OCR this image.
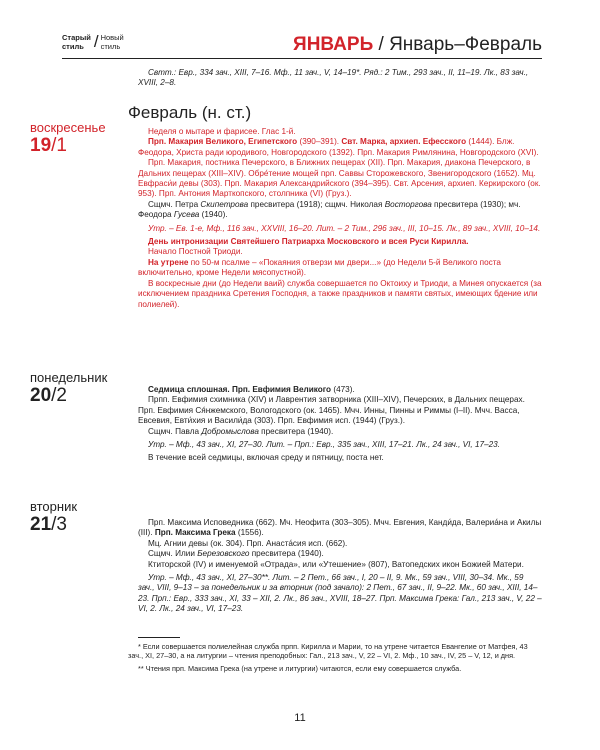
Старый
стиль / Новый
стиль	ЯНВАРЬ / Январь–Февраль

Свтт.: Евр., 334 зач., XIII, 7–16. Мф., 11 зач., V, 14–19*. Ряд.: 2 Тим., 293 зач., II, 11–19. Лк., 83 зач., XVIII, 2–8.

Февраль (н. ст.)
воскресенье
19/1

Неделя о мытаре и фарисее. Глас 1-й.

Прп. Макария Великого, Египетского (390–391). Свт. Марка, архиеп. Ефесского (1444). Блж. Феодора, Христа ради юродивого, Новгородского (1392). Прп. Макария Римлянина, Новгородского (XVI).

Прп. Макария, постника Печерского, в Ближних пещерах (XII). Прп. Макария, диакона Печерского, в Дальних пещерах (XIII–XIV). Обре́тение мощей прп. Саввы Сторожевского, Звенигородского (1652). Мц. Евфраси́и девы (303). Прп. Макария Александрийского (394–395). Свт. Арсения, архиеп. Керкирского (ок. 953). Прп. Антония Марткопского, столпника (VI) (Груз.).

Сщмч. Петра Скипетрова пресвитера (1918); сщмч. Николая Восторгова пресвитера (1930); мч. Феодора Гусева (1940).

Утр. – Ев. 1-е, Мф., 116 зач., XXVIII, 16–20. Лит. – 2 Тим., 296 зач., III, 10–15. Лк., 89 зач., XVIII, 10–14.

День интронизации Святейшего Патриарха Московского и всея Руси Кирилла.

Начало Постной Триоди.

На утрене по 50-м псалме – «Покаяния отверзи ми двери...» (до Недели 5-й Великого поста включительно, кроме Недели мясопустной).

В воскресные дни (до Недели ваий) служба совершается по Октоиху и Триоди, а Минея опускается (за исключением праздника Сретения Господня, а также праздников и памяти святых, имеющих бдение или полиелей).

понедельник
20/2	Седмица сплошная. Прп. Евфимия Великого (473).

Прпп. Евфимия схимника (XIV) и Лаврентия затворника (XIII–XIV), Печерских, в Дальних пещерах. Прп. Евфимия Ся́нжемского, Вологодского (ок. 1465). Мчч. Инны, Пинны и Риммы (I–II). Мчч. Васса, Евсевия, Евти́хия и Васили́да (303). Прп. Евфимия исп. (1944) (Груз.).

Сщмч. Павла Добромыслова пресвитера (1940).

Утр. – Мф., 43 зач., XI, 27–30. Лит. – Прп.: Евр., 335 зач., XIII, 17–21. Лк., 24 зач., VI, 17–23.

В течение всей седмицы, включая среду и пятницу, поста нет.

вторник
21/3	Прп. Максима Исповедника (662). Мч. Неофита (303–305). Мчч. Евгения, Канди́да, Валериа́на и Акилы (III). Прп. Максима Грека (1556).

Мц. Агнии девы (ок. 304). Прп. Анаста́сия исп. (662).

Сщмч. Илии Березовского пресвитера (1940).

Ктиторской (IV) и именуемой «Отрада», или «Утешение» (807), Ватопедских икон Божией Матери.

Утр. – Мф., 43 зач., XI, 27–30**. Лит. – 2 Пет., 66 зач., I, 20 – II, 9. Мк., 59 зач., VIII, 30–34. Мк., 59 зач., VIII, 9–13 – за понедельник и за вторник (под зачало): 2 Пет., 67 зач., II, 9–22. Мк., 60 зач., XIII, 14–23. Прп.: Евр., 333 зач., XI, 33 – XII, 2. Лк., 86 зач., XVIII, 18–27. Прп. Максима Грека: Гал., 213 зач., V, 22 – VI, 2. Лк., 24 зач., VI, 17–23.

* Если совершается полиелейная служба прпп. Кирилла и Марии, то на утрене читается Евангелие от Матфея, 43 зач., XI, 27–30, а на литургии – чтения преподобных: Гал., 213 зач., V, 22 – VI, 2. Мф., 10 зач., IV, 25 – V, 12, и дня.

** Чтения прп. Максима Грека (на утрене и литургии) читаются, если ему совершается служба.

11
